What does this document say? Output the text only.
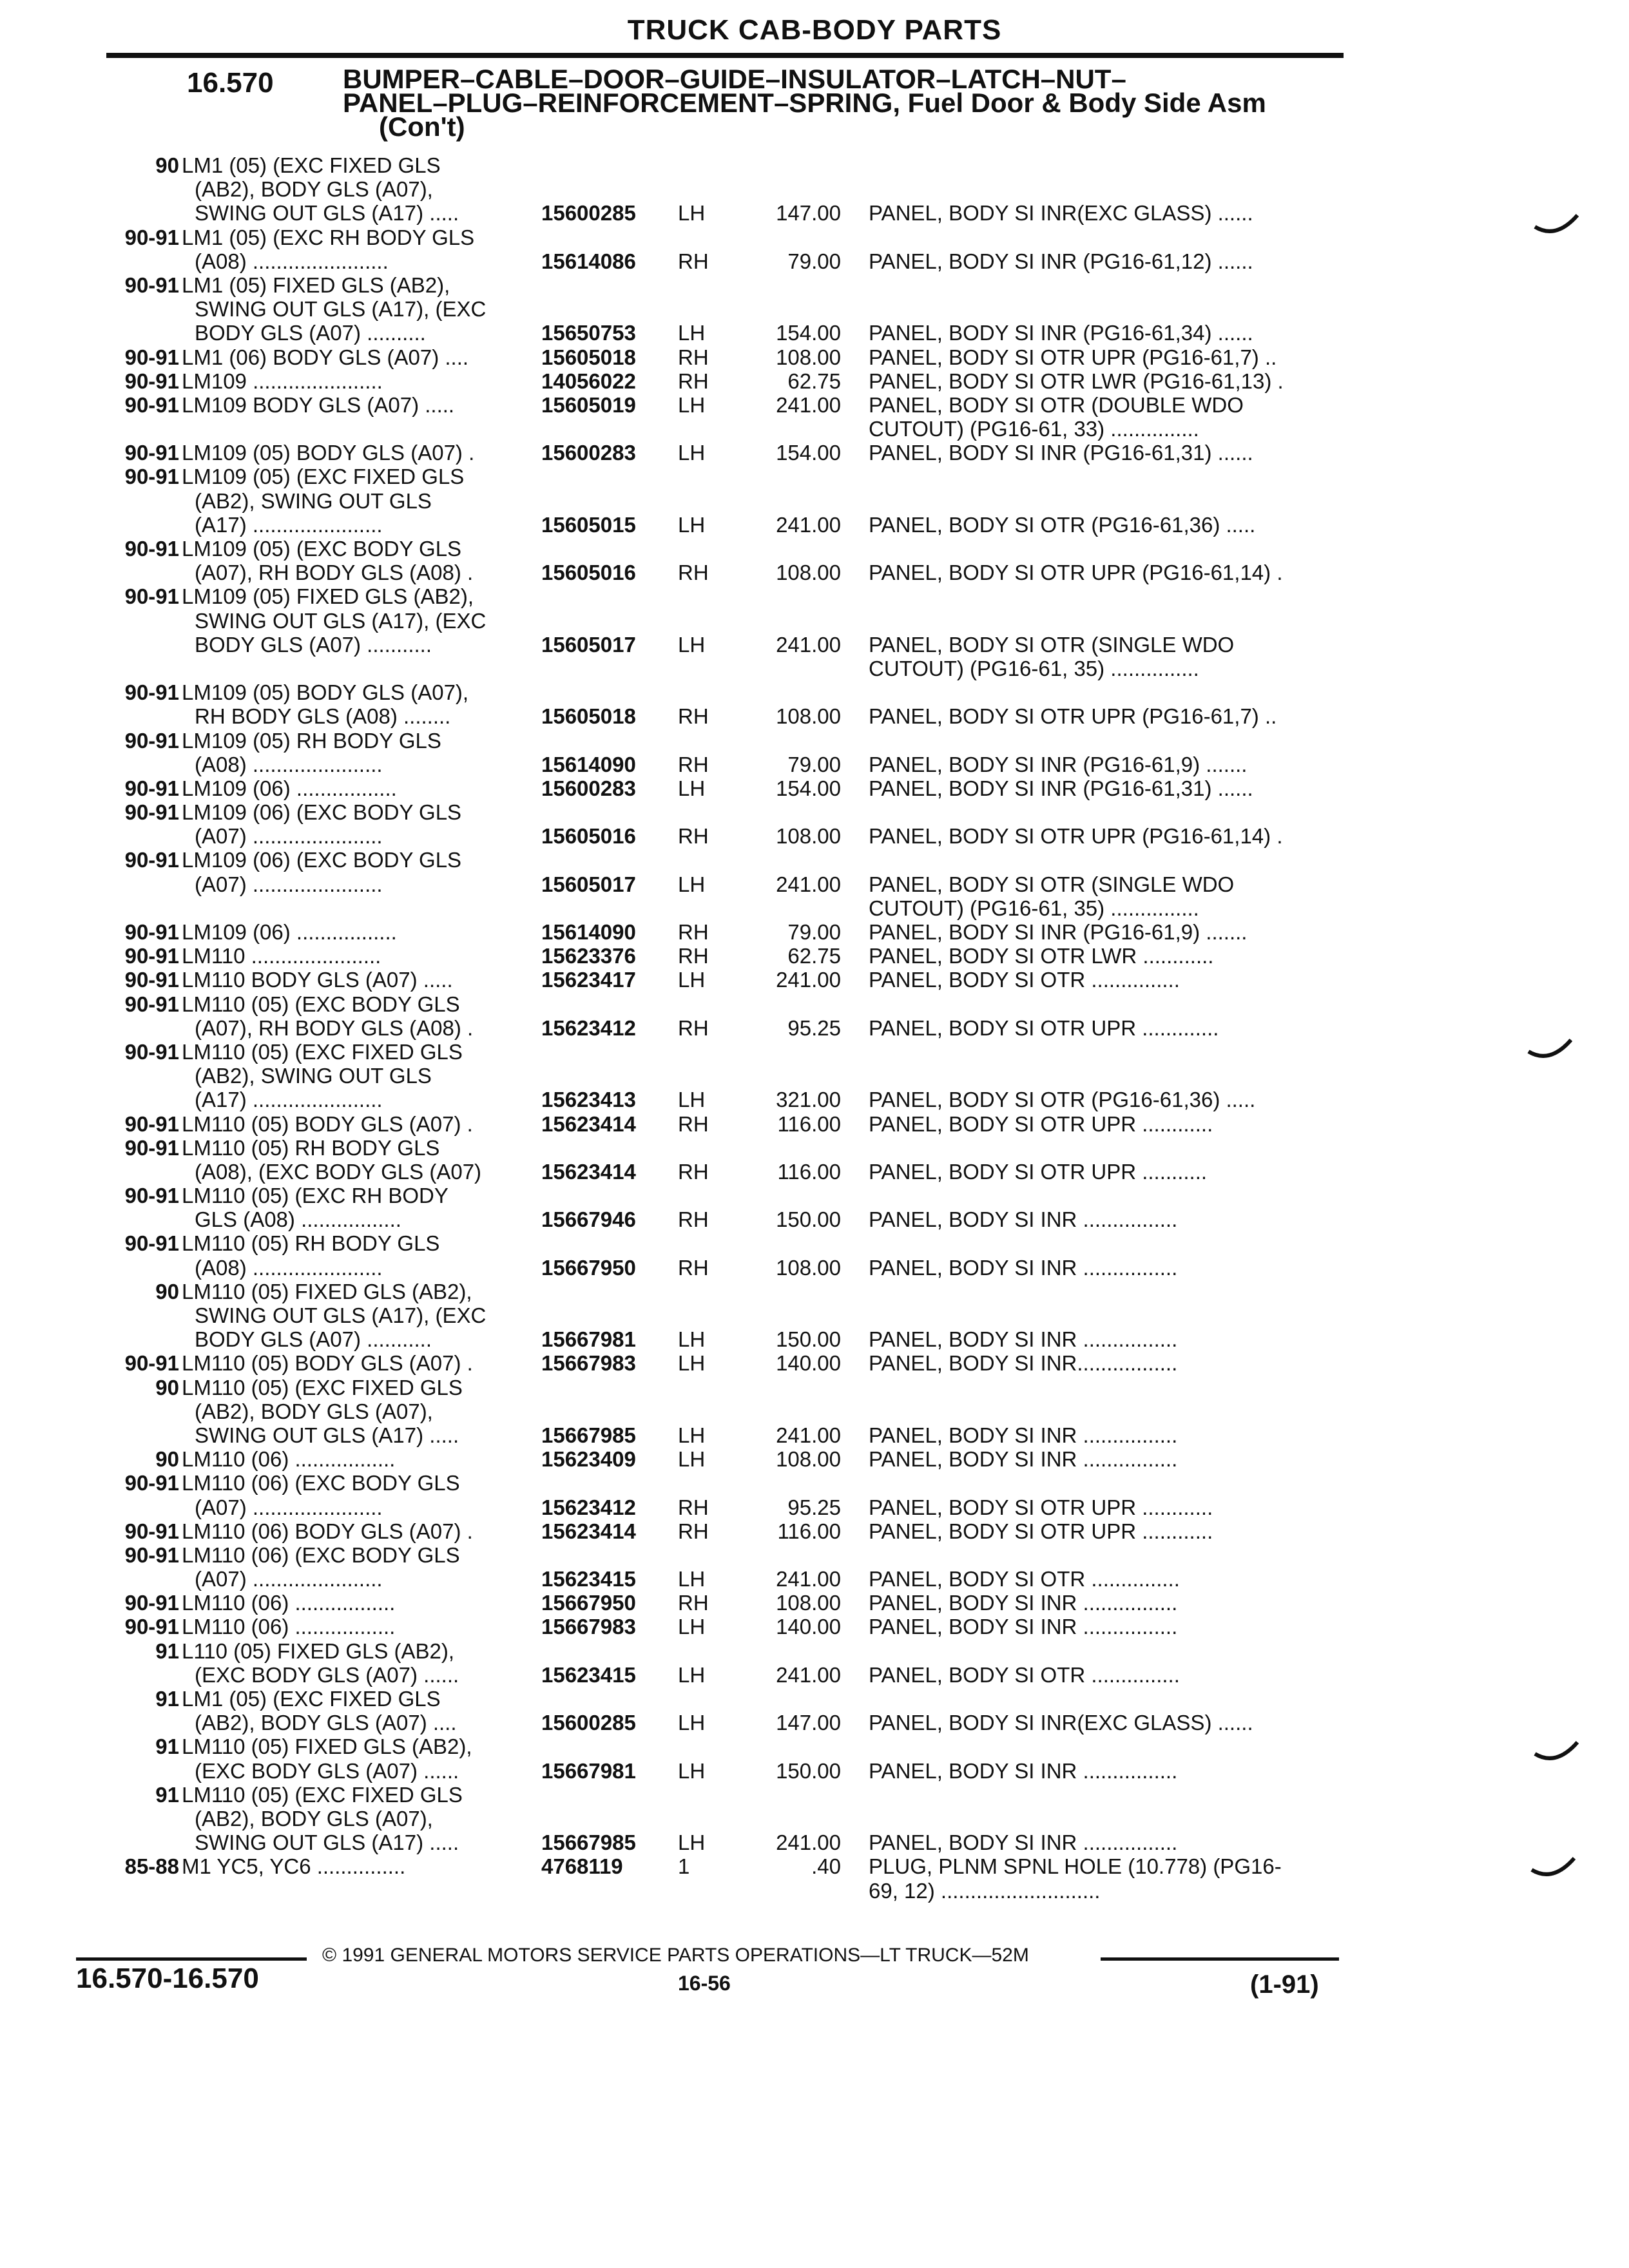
TRUCK CAB-BODY PARTS
16.570	BUMPER–CABLE–DOOR–GUIDE–INSULATOR–LATCH–NUT–
PANEL–PLUG–REINFORCEMENT–SPRING, Fuel Door & Body Side Asm
(Con't)
90 LM1 (05) (EXC FIXED GLS
(AB2), BODY GLS (A07),
SWING OUT GLS (A17) .....	15600285 LH	147.00 PANEL, BODY SI INR(EXC GLASS) ......
90-91 LM1 (05) (EXC RH BODY GLS
(A08) .......................	15614086 RH	79.00 PANEL, BODY SI INR (PG16-61,12) ......
90-91 LM1 (05) FIXED GLS (AB2),
SWING OUT GLS (A17), (EXC
BODY GLS (A07) ..........	15650753 LH	154.00 PANEL, BODY SI INR (PG16-61,34) ......
90-91 LM1 (06) BODY GLS (A07) ....	15605018 RH	108.00 PANEL, BODY SI OTR UPR (PG16-61,7) ..
90-91 LM109 ......................	14056022 RH	62.75 PANEL, BODY SI OTR LWR (PG16-61,13) .
90-91 LM109 BODY GLS (A07) .....	15605019 LH	241.00 PANEL, BODY SI OTR (DOUBLE WDO
CUTOUT) (PG16-61, 33) ...............
90-91 LM109 (05) BODY GLS (A07) .	15600283 LH	154.00 PANEL, BODY SI INR (PG16-61,31) ......
90-91 LM109 (05) (EXC FIXED GLS
(AB2), SWING OUT GLS
(A17) ......................	15605015 LH	241.00 PANEL, BODY SI OTR (PG16-61,36) .....
90-91 LM109 (05) (EXC BODY GLS
(A07), RH BODY GLS (A08) .	15605016 RH	108.00 PANEL, BODY SI OTR UPR (PG16-61,14) .
90-91 LM109 (05) FIXED GLS (AB2),
SWING OUT GLS (A17), (EXC
BODY GLS (A07) ...........	15605017 LH	241.00 PANEL, BODY SI OTR (SINGLE WDO
CUTOUT) (PG16-61, 35) ...............
90-91 LM109 (05) BODY GLS (A07),
RH BODY GLS (A08) ........	15605018 RH	108.00 PANEL, BODY SI OTR UPR (PG16-61,7) ..
90-91 LM109 (05) RH BODY GLS
(A08) ......................	15614090 RH	79.00 PANEL, BODY SI INR (PG16-61,9) .......
90-91 LM109 (06) .................	15600283 LH	154.00 PANEL, BODY SI INR (PG16-61,31) ......
90-91 LM109 (06) (EXC BODY GLS
(A07) ......................	15605016 RH	108.00 PANEL, BODY SI OTR UPR (PG16-61,14) .
90-91 LM109 (06) (EXC BODY GLS
(A07) ......................	15605017 LH	241.00 PANEL, BODY SI OTR (SINGLE WDO
CUTOUT) (PG16-61, 35) ...............
90-91 LM109 (06) .................	15614090 RH	79.00 PANEL, BODY SI INR (PG16-61,9) .......
90-91 LM110 ......................	15623376 RH	62.75 PANEL, BODY SI OTR LWR ............
90-91 LM110 BODY GLS (A07) .....	15623417 LH	241.00 PANEL, BODY SI OTR ...............
90-91 LM110 (05) (EXC BODY GLS
(A07), RH BODY GLS (A08) .	15623412 RH	95.25 PANEL, BODY SI OTR UPR .............
90-91 LM110 (05) (EXC FIXED GLS
(AB2), SWING OUT GLS
(A17) ......................	15623413 LH	321.00 PANEL, BODY SI OTR (PG16-61,36) .....
90-91 LM110 (05) BODY GLS (A07) .	15623414 RH	116.00 PANEL, BODY SI OTR UPR ............
90-91 LM110 (05) RH BODY GLS
(A08), (EXC BODY GLS (A07)	15623414 RH	116.00 PANEL, BODY SI OTR UPR ...........
90-91 LM110 (05) (EXC RH BODY
GLS (A08) .................	15667946 RH	150.00 PANEL, BODY SI INR ................
90-91 LM110 (05) RH BODY GLS
(A08) ......................	15667950 RH	108.00 PANEL, BODY SI INR ................
90 LM110 (05) FIXED GLS (AB2),
SWING OUT GLS (A17), (EXC
BODY GLS (A07) ...........	15667981 LH	150.00 PANEL, BODY SI INR ................
90-91 LM110 (05) BODY GLS (A07) .	15667983 LH	140.00 PANEL, BODY SI INR.................
90 LM110 (05) (EXC FIXED GLS
(AB2), BODY GLS (A07),
SWING OUT GLS (A17) .....	15667985 LH	241.00 PANEL, BODY SI INR ................
90 LM110 (06) .................	15623409 LH	108.00 PANEL, BODY SI INR ................
90-91 LM110 (06) (EXC BODY GLS
(A07) ......................	15623412 RH	95.25 PANEL, BODY SI OTR UPR ............
90-91 LM110 (06) BODY GLS (A07) .	15623414 RH	116.00 PANEL, BODY SI OTR UPR ............
90-91 LM110 (06) (EXC BODY GLS
(A07) ......................	15623415 LH	241.00 PANEL, BODY SI OTR ...............
90-91 LM110 (06) .................	15667950 RH	108.00 PANEL, BODY SI INR ................
90-91 LM110 (06) .................	15667983 LH	140.00 PANEL, BODY SI INR ................
91 L110 (05) FIXED GLS (AB2),
(EXC BODY GLS (A07) ......	15623415 LH	241.00 PANEL, BODY SI OTR ...............
91 LM1 (05) (EXC FIXED GLS
(AB2), BODY GLS (A07) ....	15600285 LH	147.00 PANEL, BODY SI INR(EXC GLASS) ......
91 LM110 (05) FIXED GLS (AB2),
(EXC BODY GLS (A07) ......	15667981 LH	150.00 PANEL, BODY SI INR ................
91 LM110 (05) (EXC FIXED GLS
(AB2), BODY GLS (A07),
SWING OUT GLS (A17) .....	15667985 LH	241.00 PANEL, BODY SI INR ................
85-88 M1 YC5, YC6 ...............	4768119	1	.40 PLUG, PLNM SPNL HOLE (10.778) (PG16-
69, 12) ...........................
© 1991 GENERAL MOTORS SERVICE PARTS OPERATIONS—LT TRUCK—52M
16.570-16.570	16-56	(1-91)
